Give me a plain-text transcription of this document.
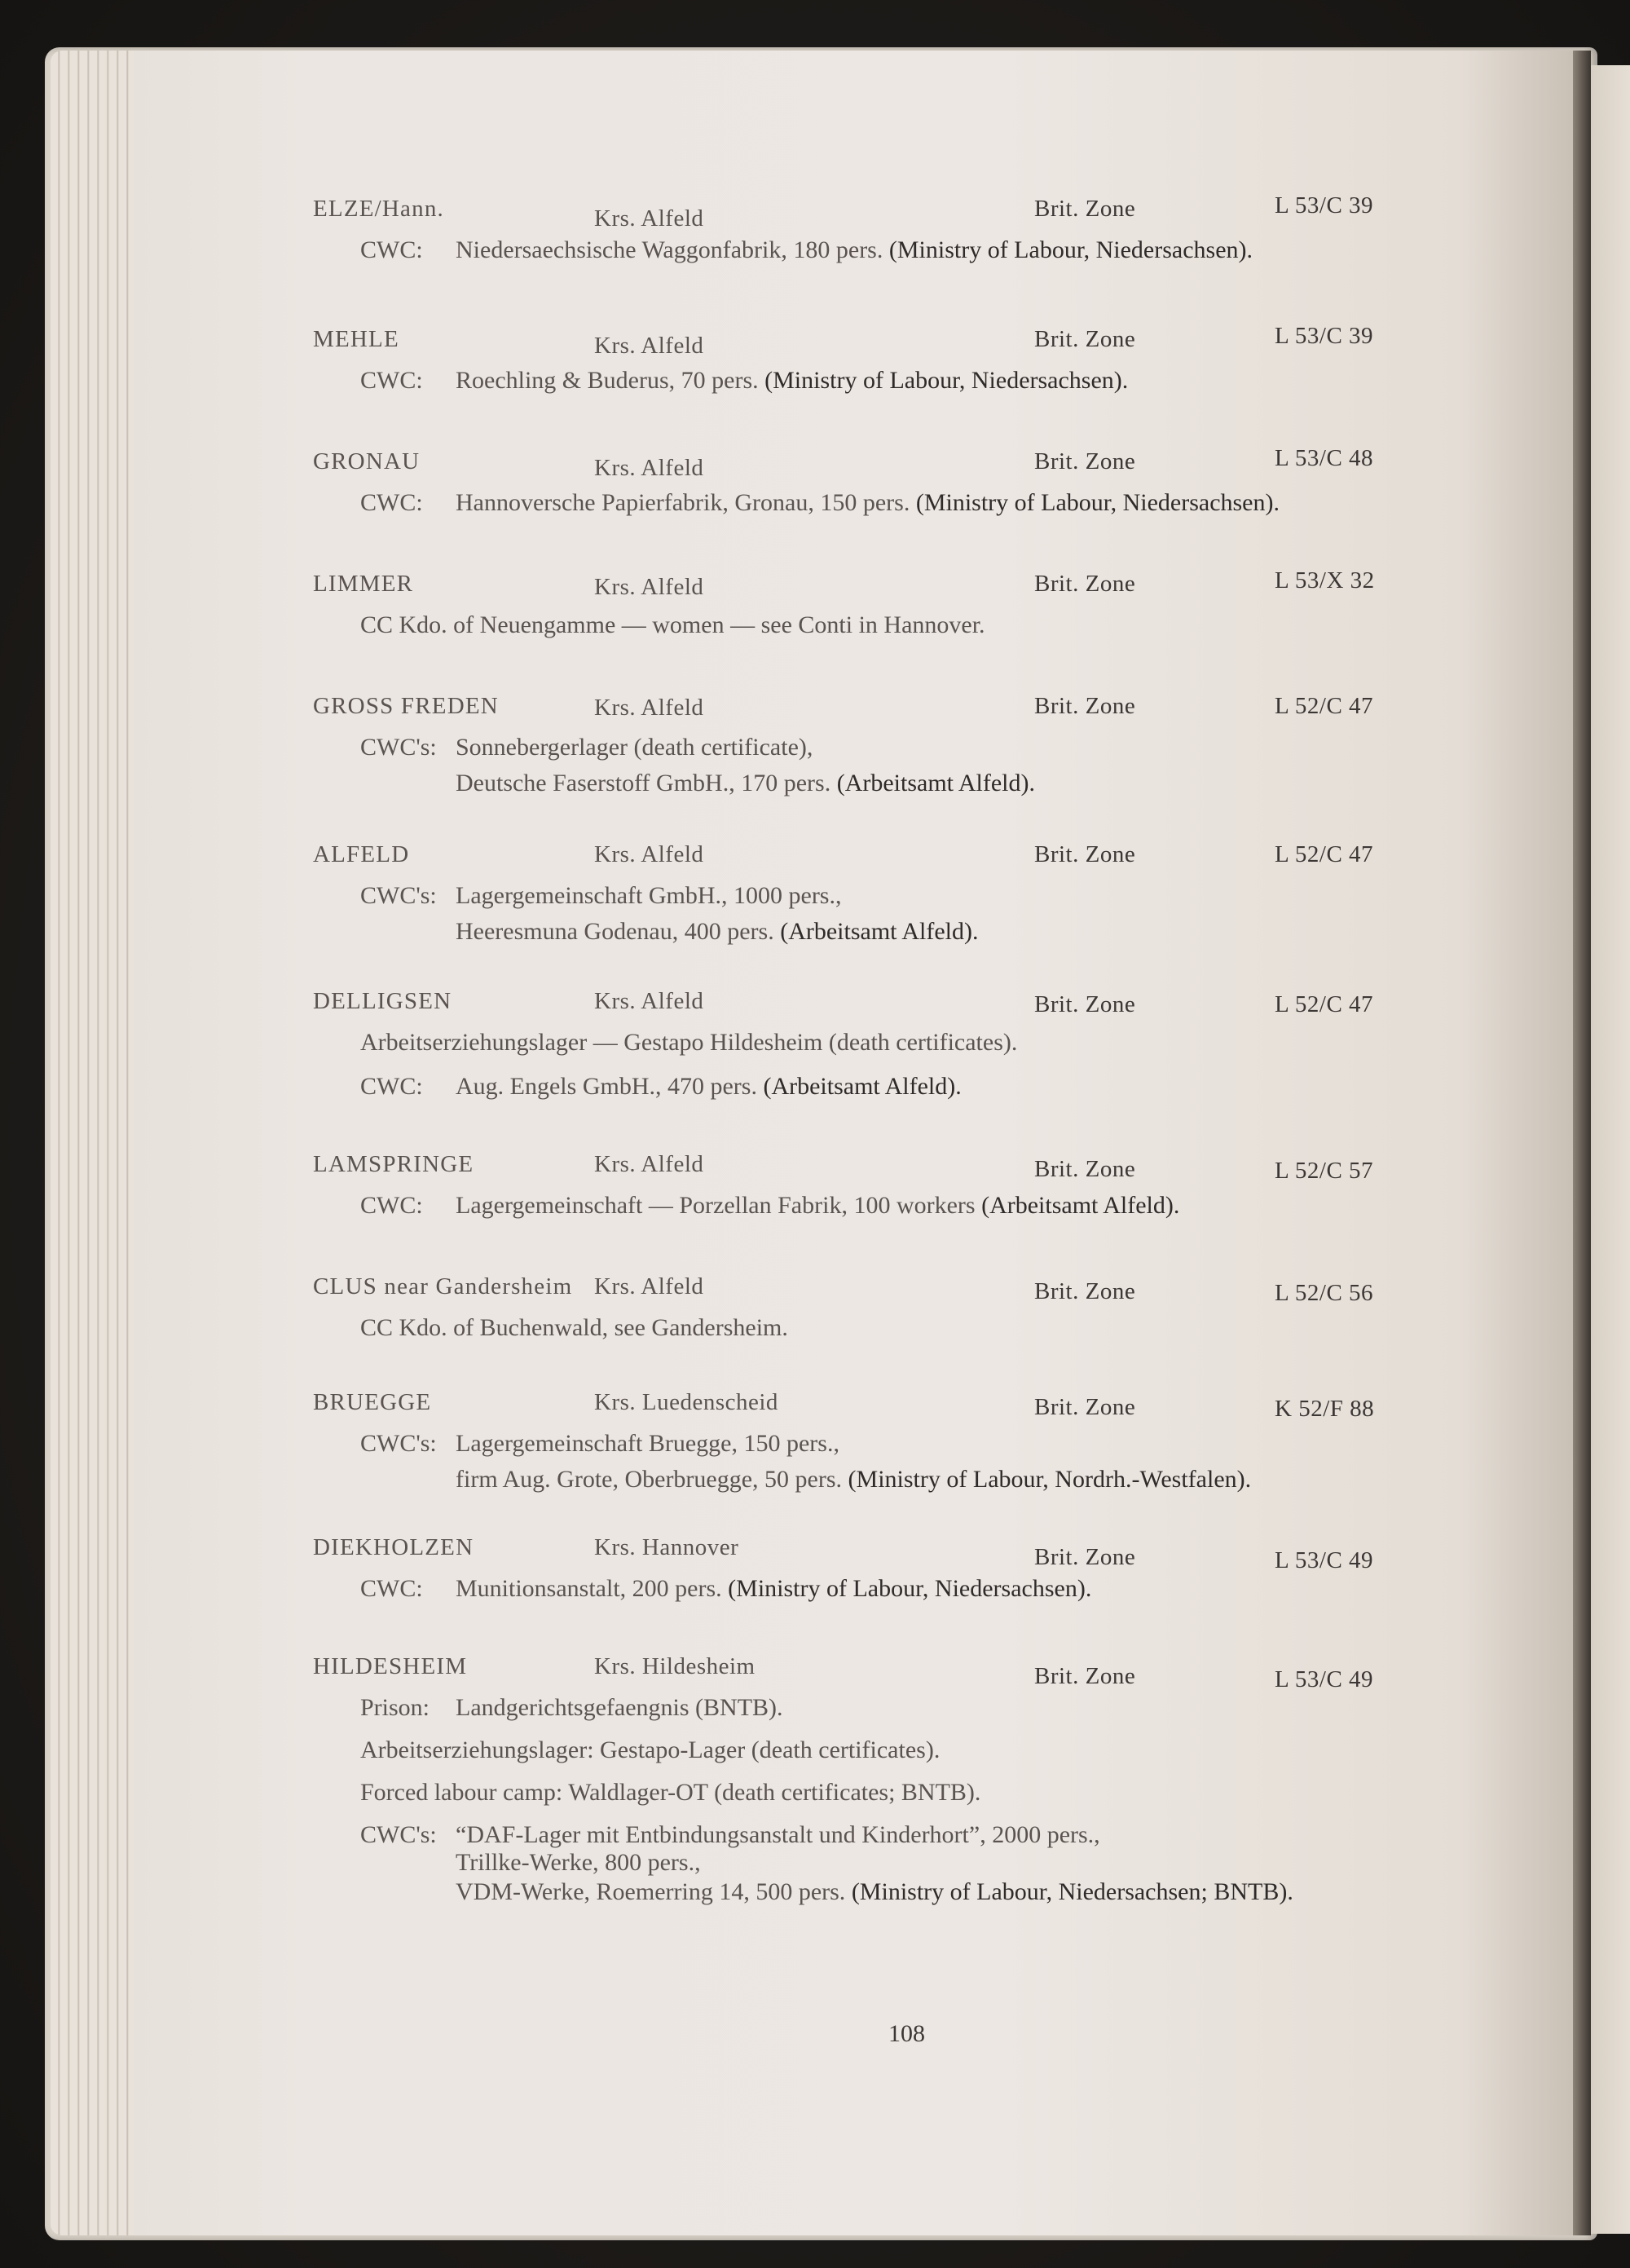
ELZE/Hann.	Krs. Alfeld	Brit. Zone	L 53/C 39
CWC: Niedersaechsische Waggonfabrik, 180 pers. (Ministry of Labour, Niedersachsen).
MEHLE	Krs. Alfeld	Brit. Zone	L 53/C 39
CWC: Roechling & Buderus, 70 pers. (Ministry of Labour, Niedersachsen).
GRONAU	Krs. Alfeld	Brit. Zone	L 53/C 48
CWC: Hannoversche Papierfabrik, Gronau, 150 pers. (Ministry of Labour, Niedersachsen).
LIMMER	Krs. Alfeld	Brit. Zone	L 53/X 32
CC Kdo. of Neuengamme — women — see Conti in Hannover.
GROSS FREDEN	Krs. Alfeld	Brit. Zone	L 52/C 47
CWC's: Sonnebergerlager (death certificate),
Deutsche Faserstoff GmbH., 170 pers. (Arbeitsamt Alfeld).
ALFELD	Krs. Alfeld	Brit. Zone	L 52/C 47
CWC's: Lagergemeinschaft GmbH., 1000 pers.,
Heeresmuna Godenau, 400 pers. (Arbeitsamt Alfeld).
DELLIGSEN	Krs. Alfeld	Brit. Zone	L 52/C 47
Arbeitserziehungslager — Gestapo Hildesheim (death certificates).
CWC: Aug. Engels GmbH., 470 pers. (Arbeitsamt Alfeld).
LAMSPRINGE	Krs. Alfeld	Brit. Zone	L 52/C 57
CWC: Lagergemeinschaft — Porzellan Fabrik, 100 workers (Arbeitsamt Alfeld).
CLUS near Gandersheim Krs. Alfeld	Brit. Zone	L 52/C 56
CC Kdo. of Buchenwald, see Gandersheim.
BRUEGGE	Krs. Luedenscheid	Brit. Zone	K 52/F 88
CWC's: Lagergemeinschaft Bruegge, 150 pers.,
firm Aug. Grote, Oberbruegge, 50 pers. (Ministry of Labour, Nordrh.-Westfalen).
DIEKHOLZEN	Krs. Hannover	Brit. Zone	L 53/C 49
CWC: Munitionsanstalt, 200 pers. (Ministry of Labour, Niedersachsen).
HILDESHEIM	Krs. Hildesheim	Brit. Zone	L 53/C 49
Prison: Landgerichtsgefaengnis (BNTB).
Arbeitserziehungslager: Gestapo-Lager (death certificates).
Forced labour camp: Waldlager-OT (death certificates; BNTB).
CWC's: “DAF-Lager mit Entbindungsanstalt und Kinderhort”, 2000 pers.,
Trillke-Werke, 800 pers.,
VDM-Werke, Roemerring 14, 500 pers. (Ministry of Labour, Niedersachsen; BNTB).
108
